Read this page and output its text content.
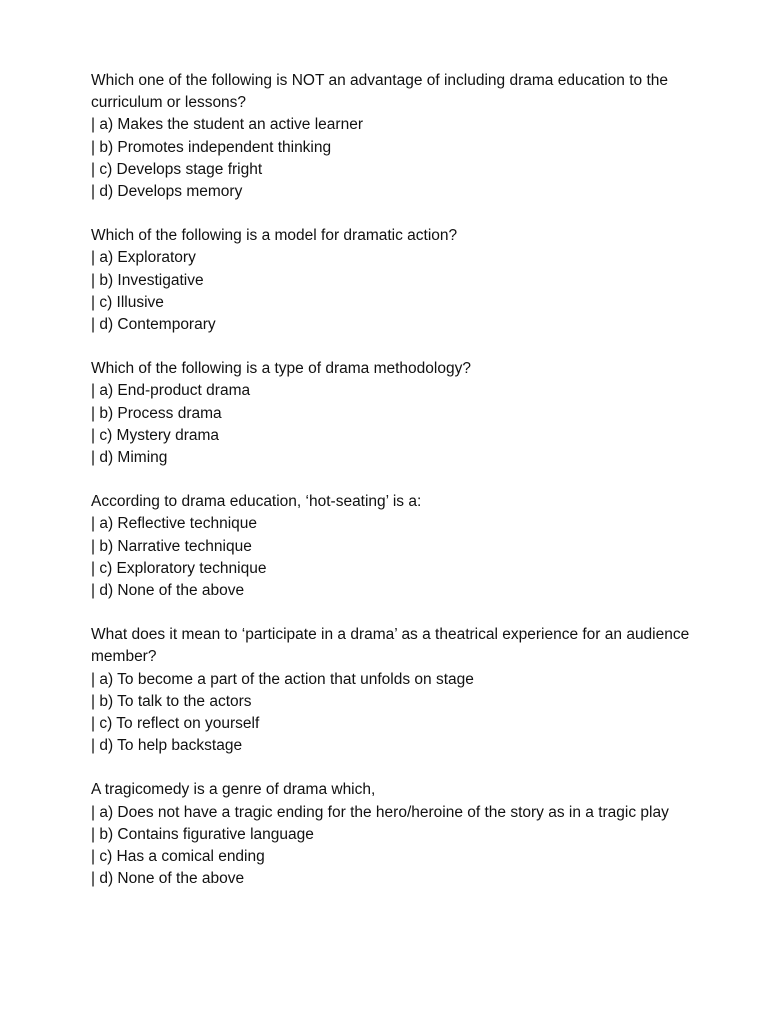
Which one of the following is NOT an advantage of including drama education to the curriculum or lessons?

| a) Makes the student an active learner
| b) Promotes independent thinking
| c) Develops stage fright
| d) Develops memory

Which of the following is a model for dramatic action?

| a) Exploratory
| b) Investigative
| c) Illusive
| d) Contemporary

Which of the following is a type of drama methodology?

| a) End-product drama
| b) Process drama
| c) Mystery drama
| d) Miming

According to drama education, ‘hot-seating’ is a:

| a) Reflective technique
| b) Narrative technique
| c) Exploratory technique
| d) None of the above

What does it mean to ‘participate in a drama’ as a theatrical experience for an audience member?

| a) To become a part of the action that unfolds on stage
| b) To talk to the actors
| c) To reflect on yourself
| d) To help backstage

A tragicomedy is a genre of drama which,

| a) Does not have a tragic ending for the hero/heroine of the story as in a tragic play
| b) Contains figurative language
| c) Has a comical ending
| d) None of the above
